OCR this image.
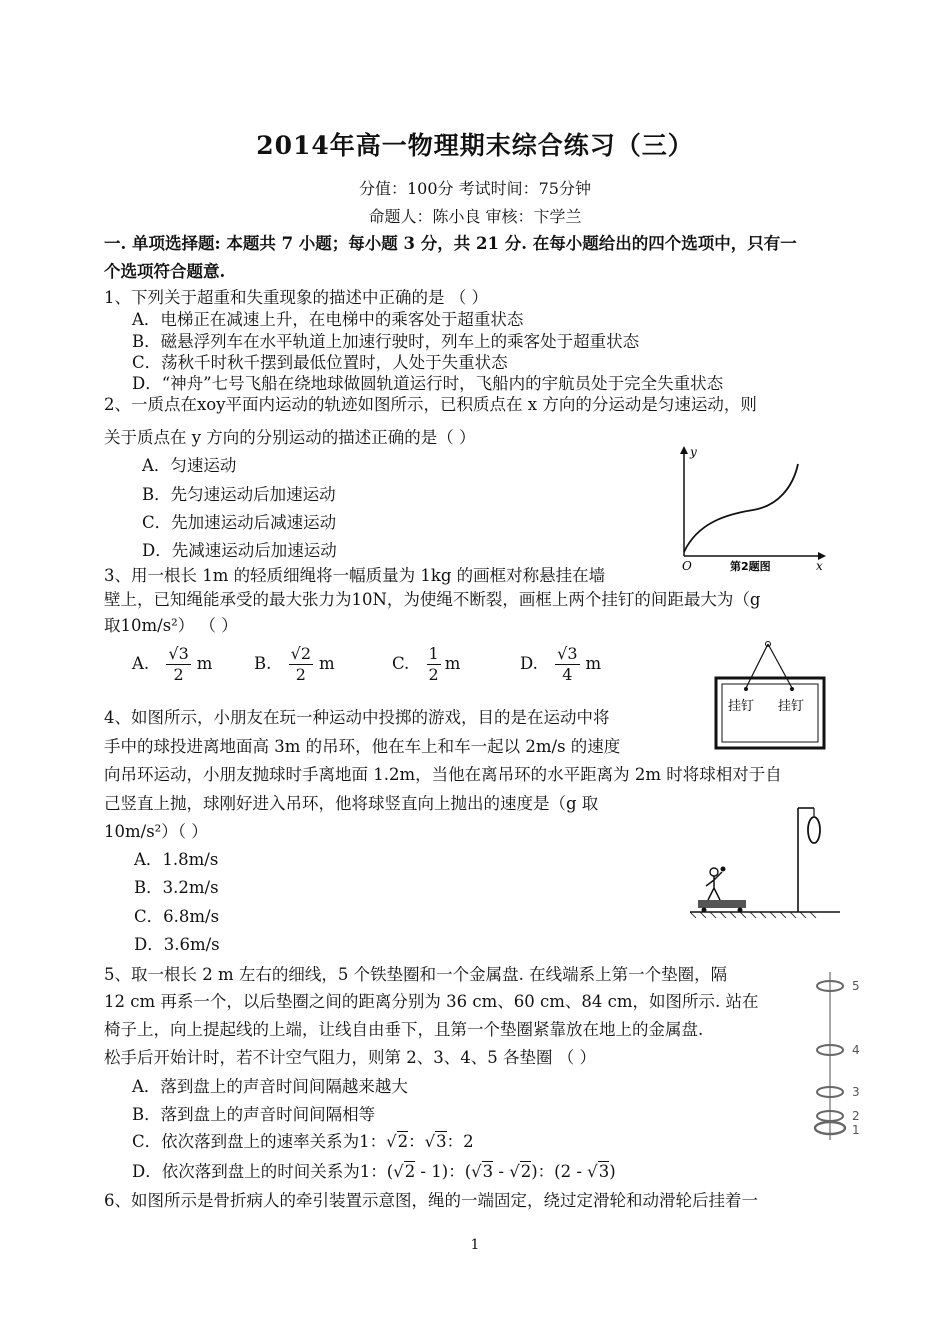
2014年高一物理期末综合练习（三）
分值：100分 考试时间：75分钟
命题人：陈小良 审核：卞学兰
一. 单项选择题: 本题共 7 小题；每小题 3 分，共 21 分. 在每小题给出的四个选项中，只有一
个选项符合题意.
1、下列关于超重和失重现象的描述中正确的是 （ ）
A．电梯正在减速上升，在电梯中的乘客处于超重状态
B．磁悬浮列车在水平轨道上加速行驶时，列车上的乘客处于超重状态
C．荡秋千时秋千摆到最低位置时，人处于失重状态
D．“神舟”七号飞船在绕地球做圆轨道运行时，飞船内的宇航员处于完全失重状态
2、一质点在xoy平面内运动的轨迹如图所示，已积质点在 x 方向的分运动是匀速运动，则
关于质点在 y 方向的分别运动的描述正确的是（ ）
A．匀速运动
B．先匀速运动后加速运动
C．先加速运动后减速运动
D．先减速运动后加速运动
y
x
O	第2题图
3、用一根长 1m 的轻质细绳将一幅质量为 1kg 的画框对称悬挂在墙
壁上，已知绳能承受的最大张力为10N，为使绳不断裂，画框上两个挂钉的间距最大为（g
取10m/s²） （ ）
A. $\frac{√3}{2}$ m	B. $\frac{√2}{2}$ m	C. $\frac{1}{2}$ m	D. $\frac{√3}{4}$ m
挂钉 挂钉
4、如图所示，小朋友在玩一种运动中投掷的游戏，目的是在运动中将
手中的球投进离地面高 3m 的吊环，他在车上和车一起以 2m/s 的速度
向吊环运动，小朋友抛球时手离地面 1.2m，当他在离吊环的水平距离为 2m 时将球相对于自
己竖直上抛，球刚好进入吊环，他将球竖直向上抛出的速度是（g 取
10m/s²）（ ）
A．1.8m/s
B．3.2m/s
C．6.8m/s
D．3.6m/s
5、取一根长 2 m 左右的细线，5 个铁垫圈和一个金属盘. 在线端系上第一个垫圈，隔
12 cm 再系一个，以后垫圈之间的距离分别为 36 cm、60 cm、84 cm，如图所示. 站在
椅子上，向上提起线的上端，让线自由垂下，且第一个垫圈紧靠放在地上的金属盘.
松手后开始计时，若不计空气阻力，则第 2、3、4、5 各垫圈 （ ）
A．落到盘上的声音时间间隔越来越大
B．落到盘上的声音时间间隔相等
C．依次落到盘上的速率关系为1：√2：√3：2
D．依次落到盘上的时间关系为1：(√2 - 1)：(√3 - √2)：(2 - √3)
5
4
3
2
1
6、如图所示是骨折病人的牵引装置示意图，绳的一端固定，绕过定滑轮和动滑轮后挂着一
1
